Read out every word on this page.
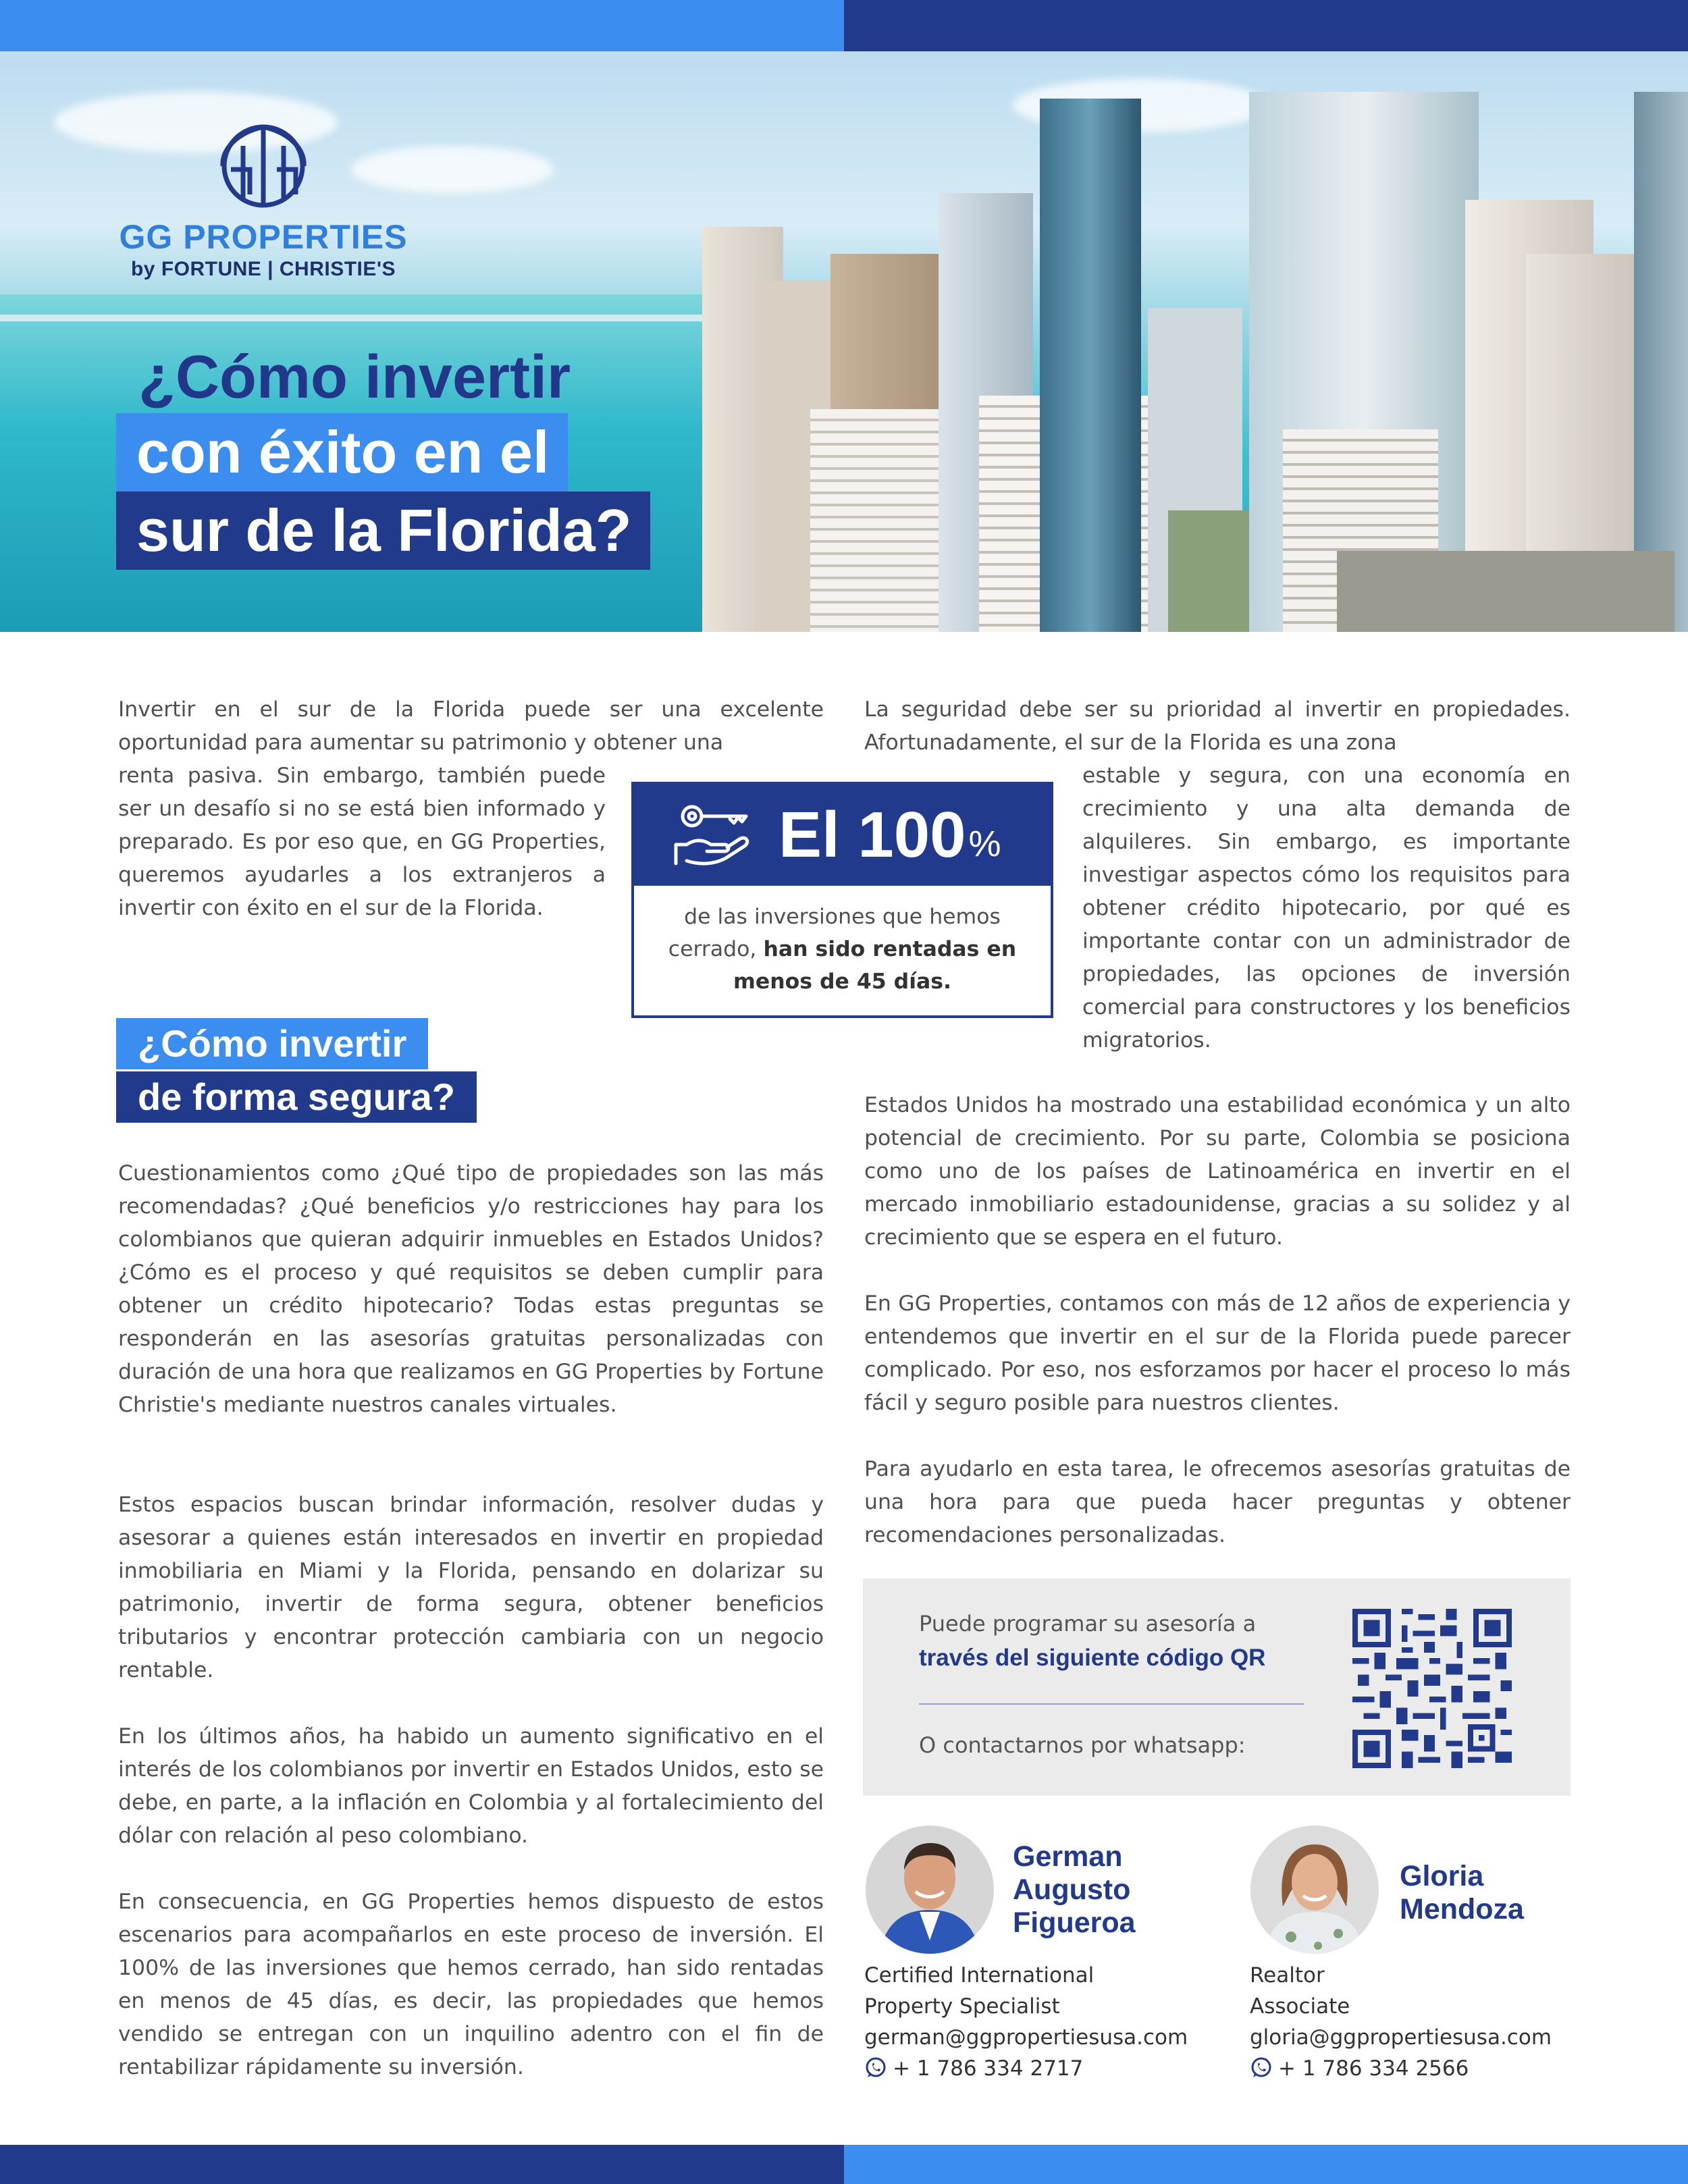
GG PROPERTIES
by FORTUNE | CHRISTIE'S
¿Cómo invertir
con éxito en el
sur de la Florida?
Invertir en el sur de la Florida puede ser una excelente oportunidad para aumentar su patrimonio y obtener una
renta pasiva. Sin embargo, también puede ser un desafío si no se está bien informado y preparado. Es por eso que, en GG Properties, queremos ayudarles a los extranjeros a invertir con éxito en el sur de la Florida.
¿Cómo invertir
de forma segura?
Cuestionamientos como ¿Qué tipo de propiedades son las más recomendadas? ¿Qué beneficios y/o restricciones hay para los colombianos que quieran adquirir inmuebles en Estados Unidos? ¿Cómo es el proceso y qué requisitos se deben cumplir para obtener un crédito hipotecario? Todas estas preguntas se responderán en las asesorías gratuitas personalizadas con duración de una hora que realizamos en GG Properties by Fortune Christie's mediante nuestros canales virtuales.
Estos espacios buscan brindar información, resolver dudas y asesorar a quienes están interesados en invertir en propiedad inmobiliaria en Miami y la Florida, pensando en dolarizar su patrimonio, invertir de forma segura, obtener beneficios tributarios y encontrar protección cambiaria con un negocio rentable.
En los últimos años, ha habido un aumento significativo en el interés de los colombianos por invertir en Estados Unidos, esto se debe, en parte, a la inflación en Colombia y al fortalecimiento del dólar con relación al peso colombiano.
En consecuencia, en GG Properties hemos dispuesto de estos escenarios para acompañarlos en este proceso de inversión. El 100% de las inversiones que hemos cerrado, han sido rentadas en menos de 45 días, es decir, las propiedades que hemos vendido se entregan con un inquilino adentro con el fin de rentabilizar rápidamente su inversión.
El 100 %
de las inversiones que hemos cerrado, han sido rentadas en menos de 45 días.
La seguridad debe ser su prioridad al invertir en propiedades. Afortunadamente, el sur de la Florida es una zona
estable y segura, con una economía en crecimiento y una alta demanda de alquileres. Sin embargo, es importante investigar aspectos cómo los requisitos para obtener crédito hipotecario, por qué es importante contar con un administrador de propiedades, las opciones de inversión comercial para constructores y los beneficios migratorios.
Estados Unidos ha mostrado una estabilidad económica y un alto potencial de crecimiento. Por su parte, Colombia se posiciona como uno de los países de Latinoamérica en invertir en el mercado inmobiliario estadounidense, gracias a su solidez y al crecimiento que se espera en el futuro.
En GG Properties, contamos con más de 12 años de experiencia y entendemos que invertir en el sur de la Florida puede parecer complicado. Por eso, nos esforzamos por hacer el proceso lo más fácil y seguro posible para nuestros clientes.
Para ayudarlo en esta tarea, le ofrecemos asesorías gratuitas de una hora para que pueda hacer preguntas y obtener recomendaciones personalizadas.
Puede programar su asesoría a
través del siguiente código QR
O contactarnos por whatsapp:
German
Augusto
Figueroa
Certified International
Property Specialist
german@ggpropertiesusa.com
+ 1 786 334 2717
Gloria
Mendoza
Realtor
Associate
gloria@ggpropertiesusa.com
+ 1 786 334 2566
